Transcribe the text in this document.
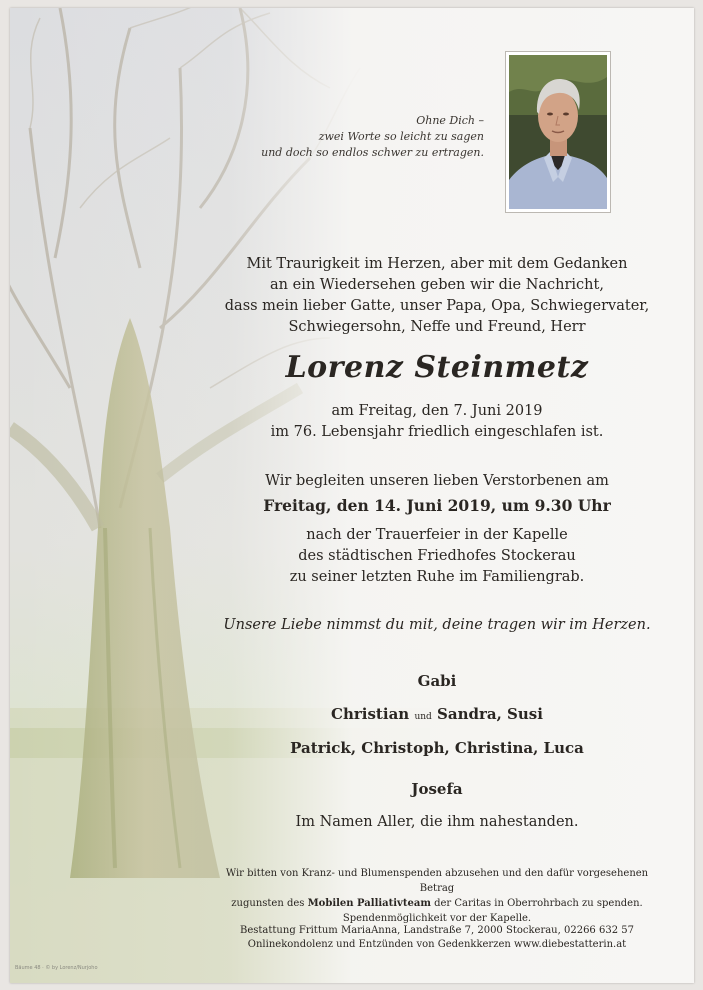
Ohne Dich –
zwei Worte so leicht zu sagen
und doch so endlos schwer zu ertragen.
Mit Traurigkeit im Herzen, aber mit dem Gedanken
an ein Wiedersehen geben wir die Nachricht,
dass mein lieber Gatte, unser Papa, Opa, Schwiegervater,
Schwiegersohn, Neffe und Freund, Herr
Lorenz Steinmetz
am Freitag, den 7. Juni 2019
im 76. Lebensjahr friedlich eingeschlafen ist.
Wir begleiten unseren lieben Verstorbenen am
Freitag, den 14. Juni 2019, um 9.30 Uhr
nach der Trauerfeier in der Kapelle
des städtischen Friedhofes Stockerau
zu seiner letzten Ruhe im Familiengrab.
Unsere Liebe nimmst du mit, deine tragen wir im Herzen.
Gabi
Christian und Sandra, Susi
Patrick, Christoph, Christina, Luca
Josefa
Im Namen Aller, die ihm nahestanden.
Wir bitten von Kranz- und Blumenspenden abzusehen und den dafür vorgesehenen Betrag
zugunsten des Mobilen Palliativteam der Caritas in Oberrohrbach zu spenden.
Spendenmöglichkeit vor der Kapelle.
Bestattung Frittum MariaAnna, Landstraße 7, 2000 Stockerau, 02266 632 57
Onlinekondolenz und Entzünden von Gedenkkerzen www.diebestatterin.at
Bäume 48 · © by Lorenz/Nurjoho
